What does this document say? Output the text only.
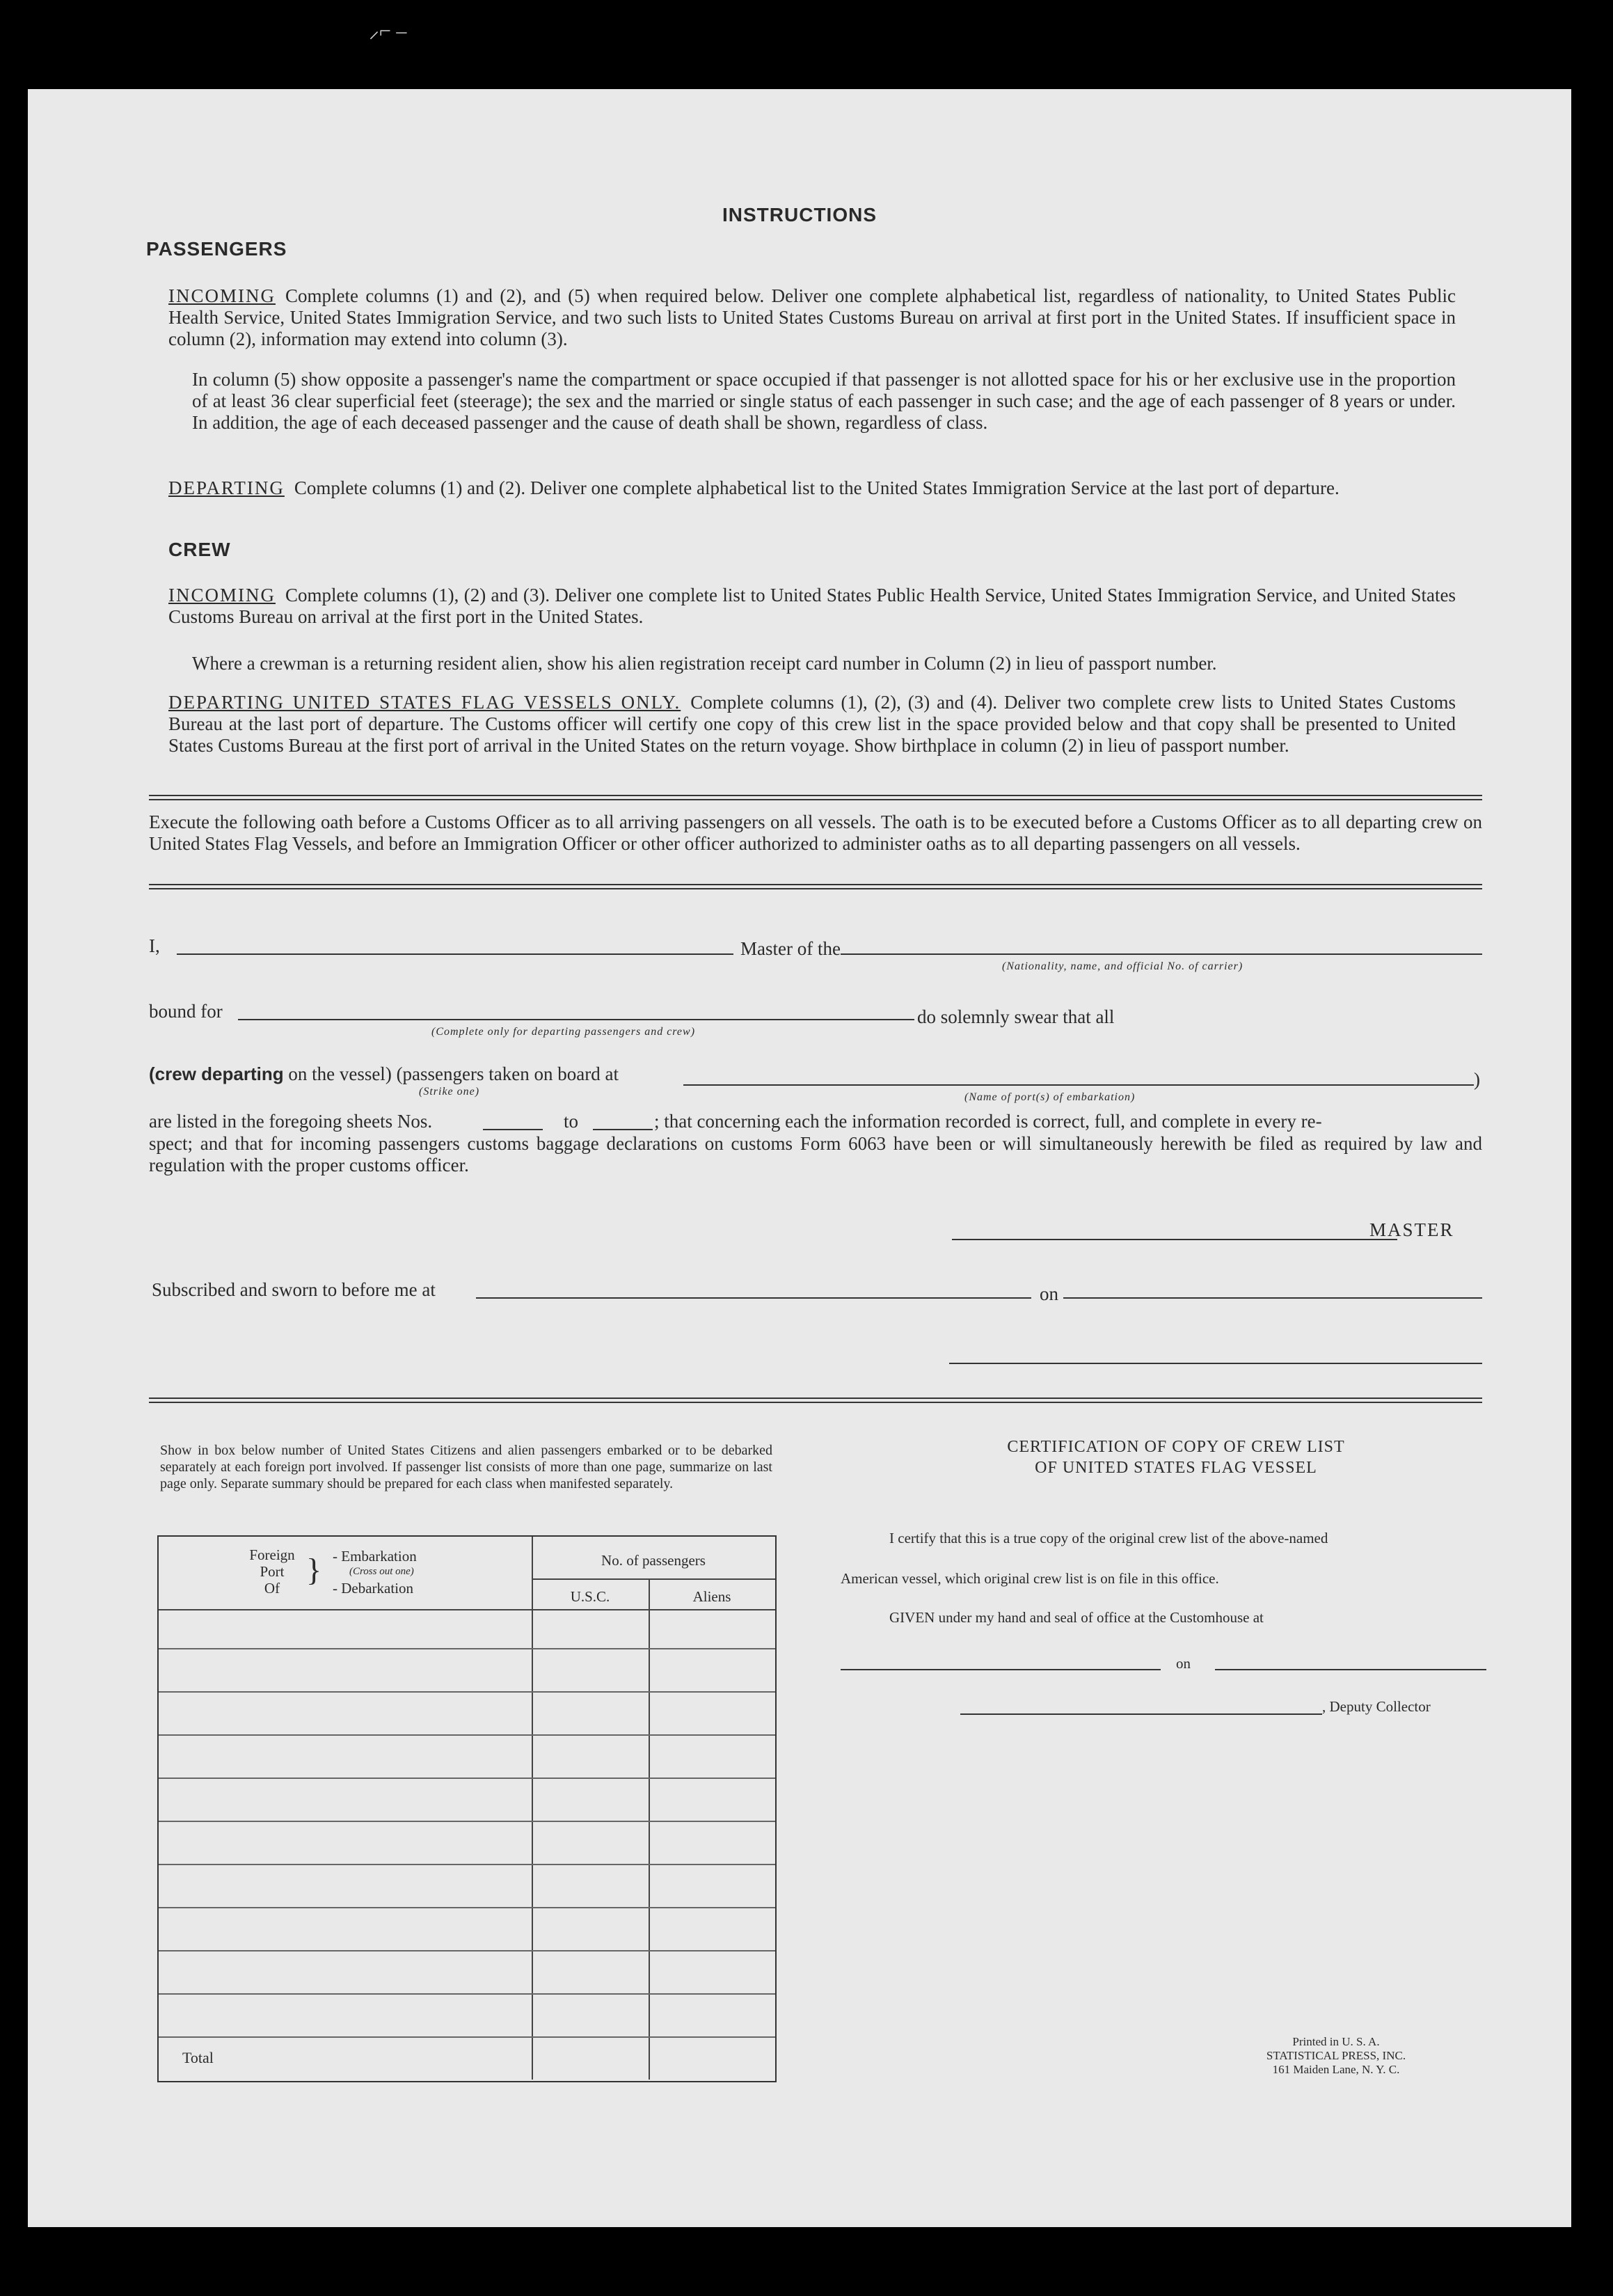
⸝⌐ ‒
INSTRUCTIONS
PASSENGERS
INCOMING Complete columns (1) and (2), and (5) when required below. Deliver one complete alphabetical list, regardless of nationality, to United States Public Health Service, United States Immigration Service, and two such lists to United States Customs Bureau on arrival at first port in the United States. If insufficient space in column (2), information may extend into column (3).
In column (5) show opposite a passenger's name the compartment or space occupied if that passenger is not allotted space for his or her exclusive use in the proportion of at least 36 clear superficial feet (steerage); the sex and the married or single status of each passenger in such case; and the age of each passenger of 8 years or under. In addition, the age of each deceased passenger and the cause of death shall be shown, regardless of class.
DEPARTING Complete columns (1) and (2). Deliver one complete alphabetical list to the United States Immigration Service at the last port of departure.
CREW
INCOMING Complete columns (1), (2) and (3). Deliver one complete list to United States Public Health Service, United States Immigration Service, and United States Customs Bureau on arrival at the first port in the United States.
Where a crewman is a returning resident alien, show his alien registration receipt card number in Column (2) in lieu of passport number.
DEPARTING UNITED STATES FLAG VESSELS ONLY. Complete columns (1), (2), (3) and (4). Deliver two complete crew lists to United States Customs Bureau at the last port of departure. The Customs officer will certify one copy of this crew list in the space provided below and that copy shall be presented to United States Customs Bureau at the first port of arrival in the United States on the return voyage. Show birthplace in column (2) in lieu of passport number.
Execute the following oath before a Customs Officer as to all arriving passengers on all vessels. The oath is to be executed before a Customs Officer as to all departing crew on United States Flag Vessels, and before an Immigration Officer or other officer authorized to administer oaths as to all departing passengers on all vessels.
I,	Master of the
(Nationality, name, and official No. of carrier)
bound for
(Complete only for departing passengers and crew)
do solemnly swear that all
(crew departing on the vessel) (passengers taken on board at
(Strike one)
)
(Name of port(s) of embarkation)
are listed in the foregoing sheets Nos.	to	; that concerning each the information recorded is correct, full, and complete in every re-
spect; and that for incoming passengers customs baggage declarations on customs Form 6063 have been or will simultaneously herewith be filed as required by law and regulation with the proper customs officer.
MASTER
Subscribed and sworn to before me at	on
Show in box below number of United States Citizens and alien passengers embarked or to be debarked separately at each foreign port involved. If passenger list consists of more than one page, summarize on last page only. Separate summary should be prepared for each class when manifested separately.
Foreign
Port
Of
} - Embarkation
(Cross out one)
- Debarkation
No. of passengers
U.S.C.	Aliens
Total
CERTIFICATION OF COPY OF CREW LIST
OF UNITED STATES FLAG VESSEL
I certify that this is a true copy of the original crew list of the above-named
American vessel, which original crew list is on file in this office.
GIVEN under my hand and seal of office at the Customhouse at
on
, Deputy Collector
Printed in U. S. A.
STATISTICAL PRESS, INC.
161 Maiden Lane, N. Y. C.
